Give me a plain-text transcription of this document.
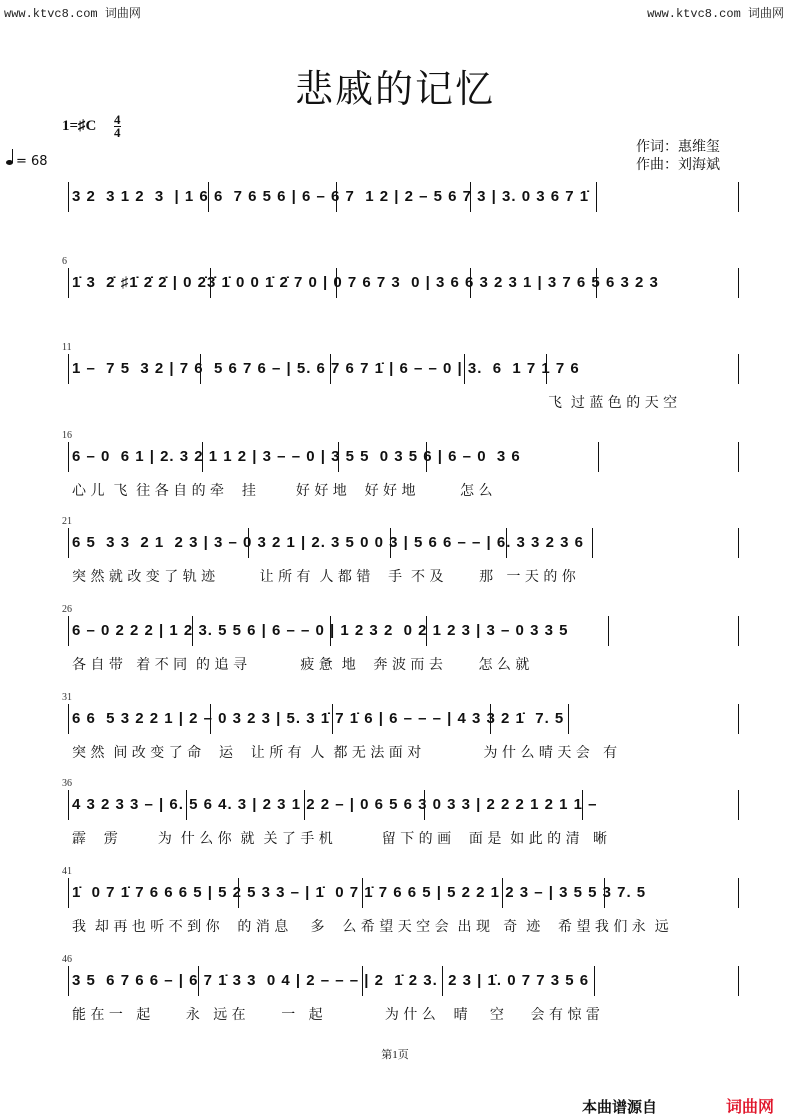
www.ktvc8.com 词曲网	www.ktvc8.com 词曲网
悲戚的记忆
1=♯C 4
4
= 68
作词：惠维玺
作曲：刘海斌
3 2  3 1 2  3  | 1 6 6  7 6 5 6 | 6 – 6 7  1 2 | 2 – 5 6 7 3 | 3. 0 3 6 7 1̇
6
1̇ 3  2̇ ♯1̇ 2̇ 2̇ | 0 2̇3̇ 1̇ 0 0 1̇ 2̇ 7 0 | 0 7 6 7 3  0 | 3 6 6 3 2 3 1 | 3 7 6 5 6 3 2 3
11
1 –  7 5  3 2 | 7 6  5 6 7 6 – | 5. 6 7 6 7 1̇ | 6 – – 0 | 3.  6  1 7 1 7 6
飞  过 蓝 色 的 天 空
16
6 – 0  6 1 | 2. 3 2 1 1 2 | 3 – – 0 | 3 5 5  0 3 5 6 | 6 – 0  3 6
心 儿  飞  往 各 自 的 牵    挂         好 好 地    好 好 地          怎 么
21
6 5  3 3  2 1  2 3 | 3 – 0 3 2 1 | 2. 3 5 0 0 3 | 5 6 6 – – | 6. 3 3 2 3 6
突 然 就 改 变 了 轨 迹          让 所 有  人 都 错    手  不 及        那   一 天 的 你
26
6 – 0 2 2 2 | 1 2 3. 5 5 6 | 6 – – 0 | 1 2 3 2  0 2 1 2 3 | 3 – 0 3 3 5
各 自 带   着 不 同  的 追 寻            疲 惫  地    奔 波 而 去        怎 么 就
31
6 6  5 3 2 2 1 | 2 – 0 3 2 3 | 5. 3 1̇ 7 1̇ 6 | 6 – – – | 4 3 3 2 1̇  7. 5
突 然  间 改 变 了 命    运    让 所 有  人  都 无 法 面 对              为 什 么 晴 天 会   有
36
4 3 2 3 3 – | 6. 5 6 4. 3 | 2 3 1 2 2 – | 0 6 5 6 3 0 3 3 | 2 2 2 1 2 1 1 –
霹    雳         为  什 么 你  就  关 了 手 机           留 下 的 画    面 是  如 此 的 清   晰
41
1̇  0 7 1̇ 7 6 6 6 5 | 5 2 5 3 3 – | 1̇  0 7 1̇ 7 6 6 5 | 5 2 2 1 2 3 – | 3 5 5 3 7. 5
我  却 再 也 听 不 到 你    的 消 息     多    么 希 望 天 空 会  出 现   奇  迹    希 望 我 们 永  远
46
3 5  6 7 6 6 – | 6 7 1̇ 3 3  0 4 | 2 – – – | 2  1̇ 2 3.  2 3 | 1̇. 0 7 7 3 5 6
能 在 一   起        永   远 在        一   起              为 什 么    晴     空      会 有 惊 雷
第1页
本曲谱源自	词曲网
